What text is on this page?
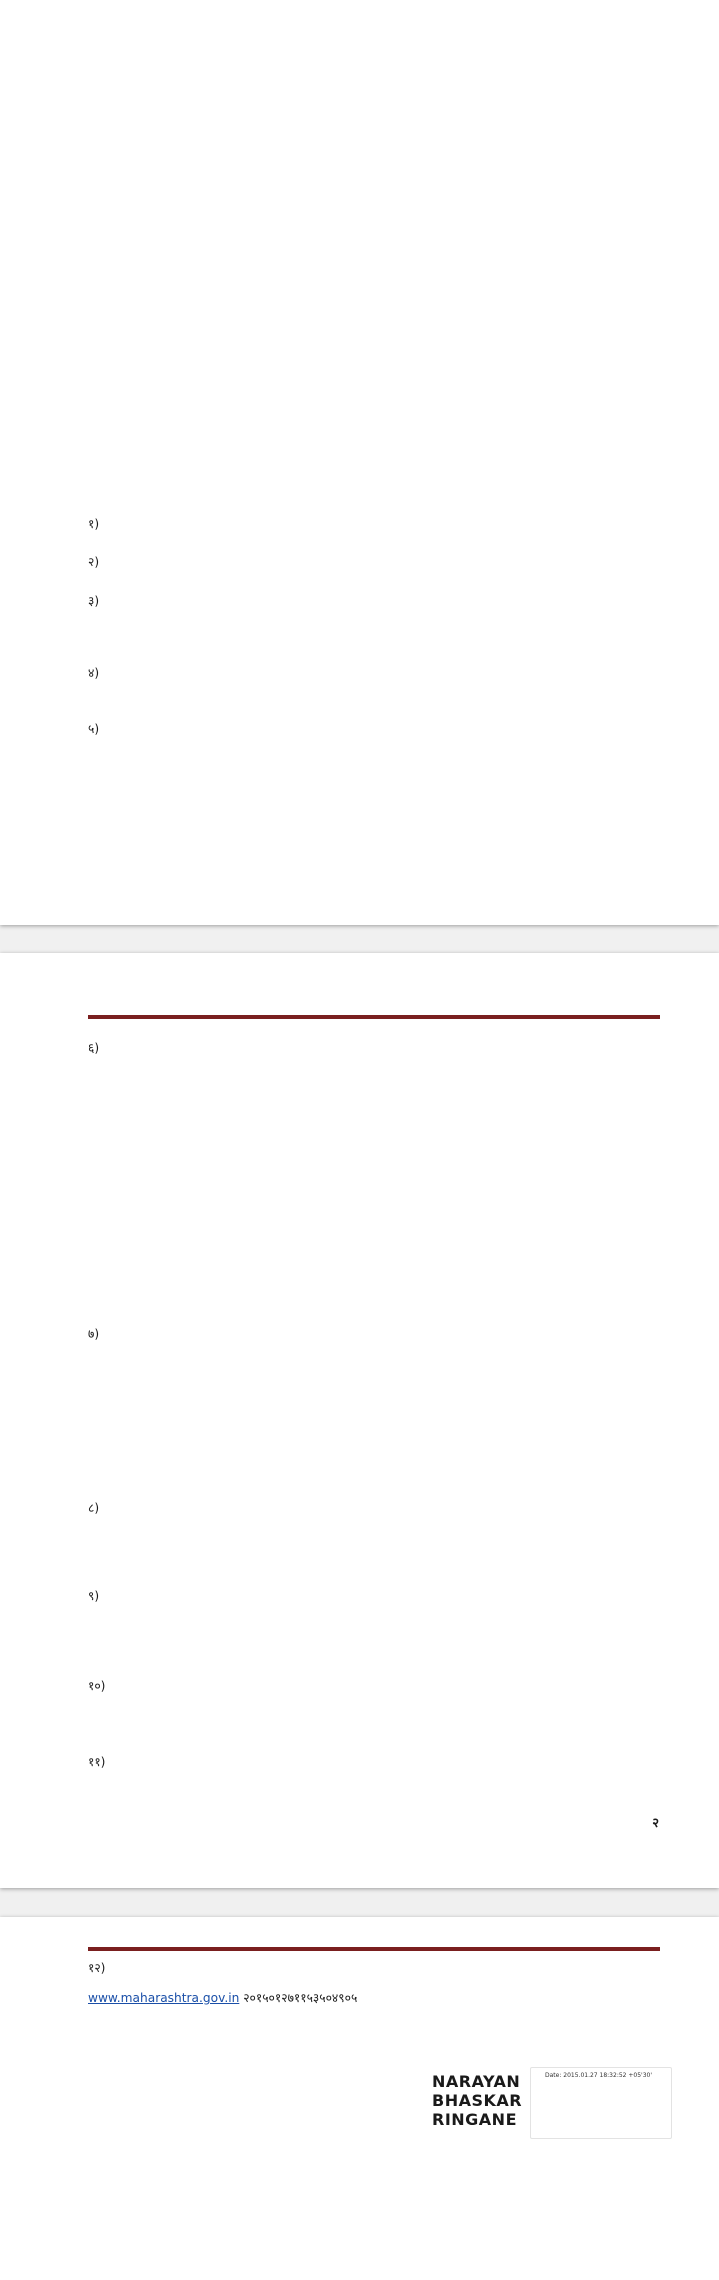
१)
२)
३)
४)
५)
६)
७)
८)
९)
१०)
११)
२
१२)
www.maharashtra.gov.in २०१५०१२७११५३५०४९०५
NARAYAN
BHASKAR
RINGANE
Date: 2015.01.27 18:32:52 +05'30'
